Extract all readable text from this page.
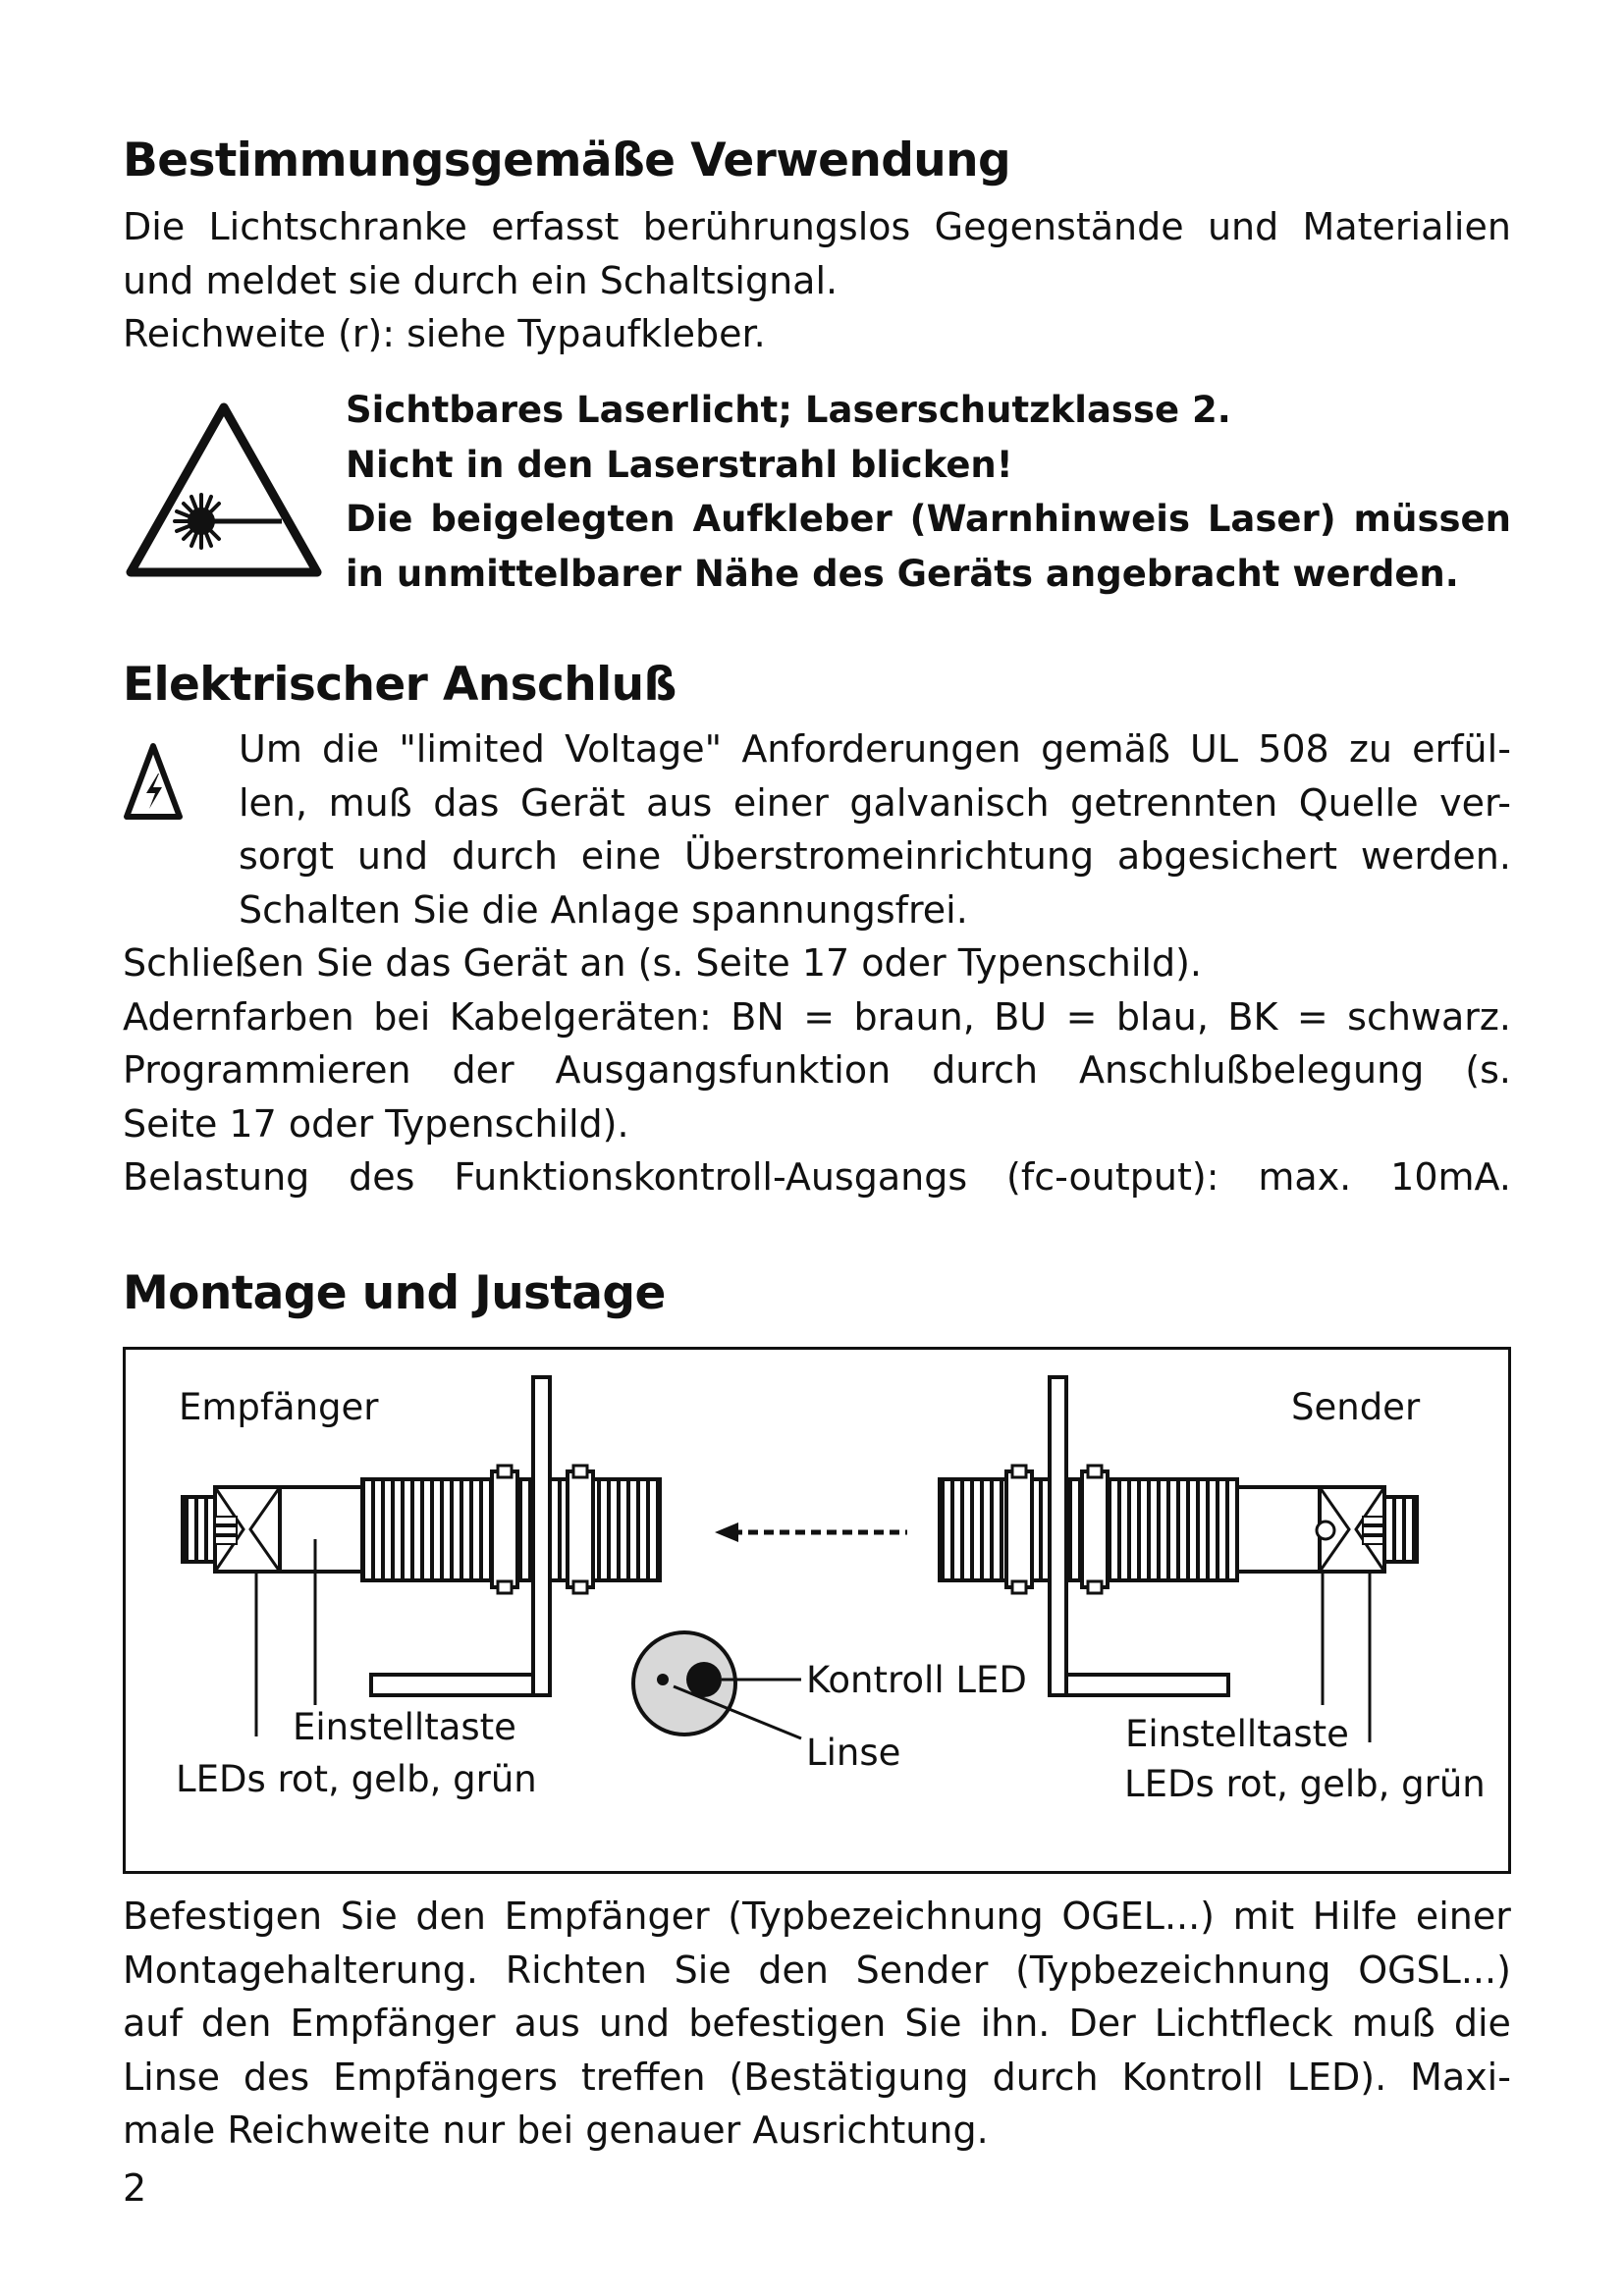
Bestimmungsgemäße Verwendung
Die Lichtschranke erfasst berührungslos Gegenstände und Materialien
und meldet sie durch ein Schaltsignal.
Reichweite (r): siehe Typaufkleber.
Sichtbares Laserlicht; Laserschutzklasse 2.
Nicht in den Laserstrahl blicken!
Die beigelegten Aufkleber (Warnhinweis Laser) müssen
in unmittelbarer Nähe des Geräts angebracht werden.
Elektrischer Anschluß
Um die "limited Voltage" Anforderungen gemäß UL 508 zu erfül-
len, muß das Gerät aus einer galvanisch getrennten Quelle ver-
sorgt und durch eine Überstromeinrichtung abgesichert werden.
Schalten Sie die Anlage spannungsfrei.
Schließen Sie das Gerät an (s. Seite 17 oder Typenschild).
Adernfarben bei Kabelgeräten: BN = braun, BU = blau, BK = schwarz.
Programmieren der Ausgangsfunktion durch Anschlußbelegung (s.
Seite 17 oder Typenschild).
Belastung des Funktionskontroll-Ausgangs (fc-output): max. 10mA.
Montage und Justage
Empfänger	Sender
Kontroll LED
Linse
Einstelltaste
LEDs rot, gelb, grün
Einstelltaste
LEDs rot, gelb, grün
Befestigen Sie den Empfänger (Typbezeichnung OGEL...) mit Hilfe einer
Montagehalterung. Richten Sie den Sender (Typbezeichnung OGSL...)
auf den Empfänger aus und befestigen Sie ihn. Der Lichtfleck muß die
Linse des Empfängers treffen (Bestätigung durch Kontroll LED). Maxi-
male Reichweite nur bei genauer Ausrichtung.
2
